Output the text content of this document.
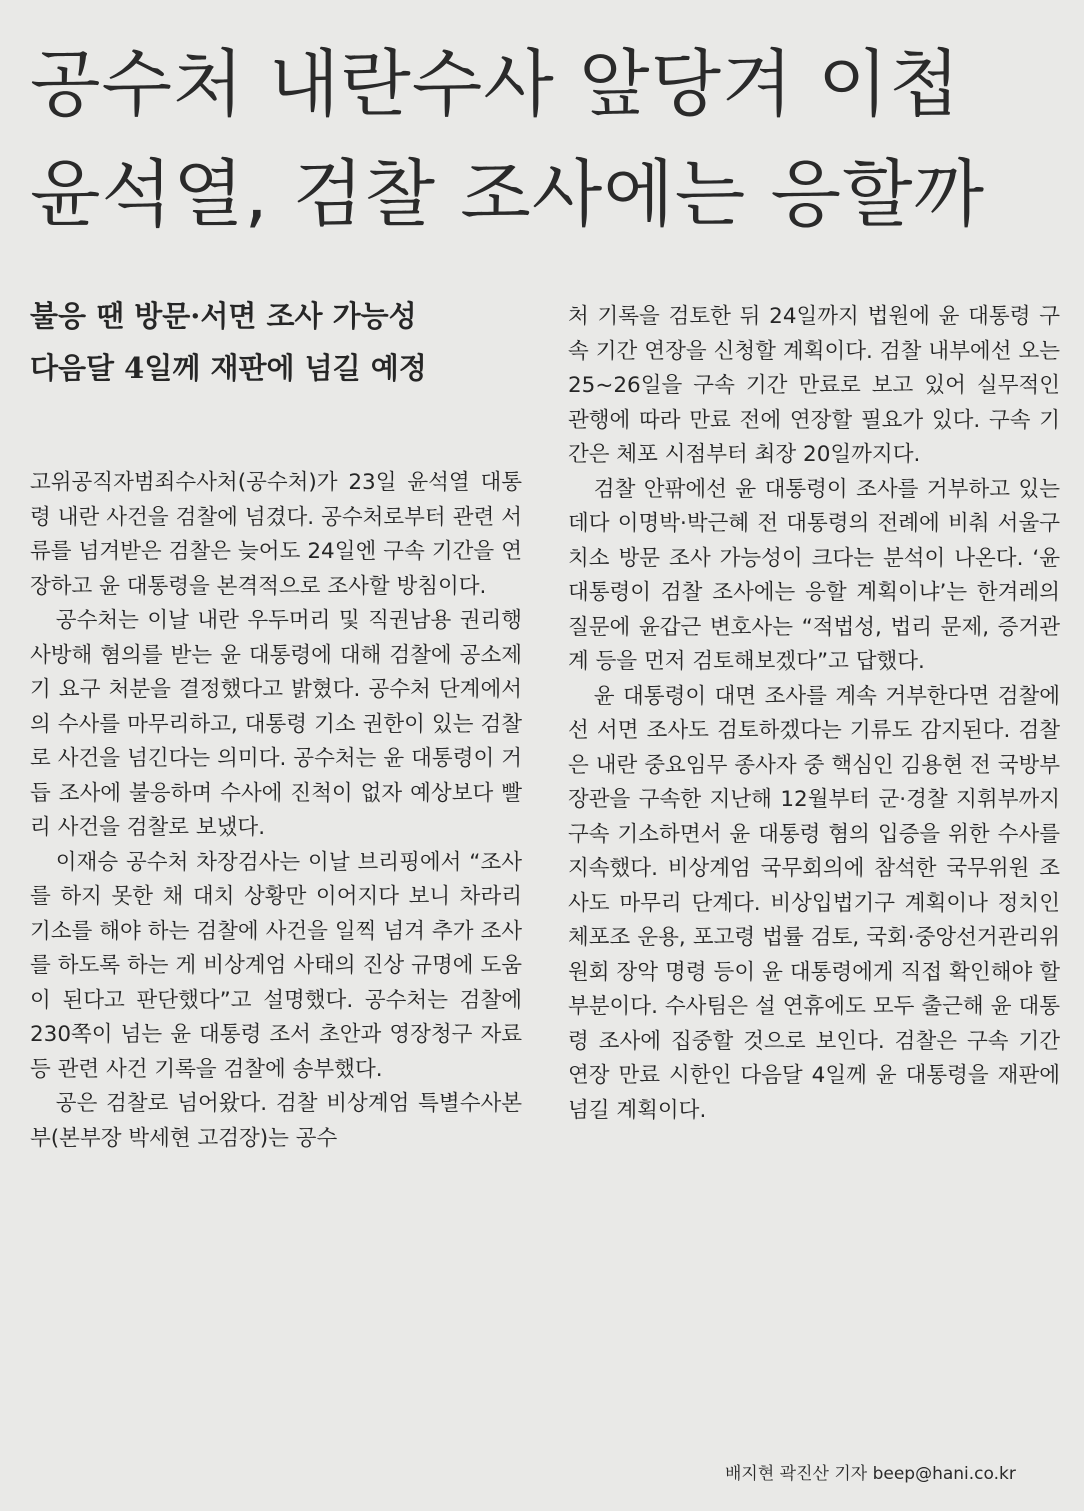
공수처 내란수사 앞당겨 이첩
윤석열, 검찰 조사에는 응할까
불응 땐 방문·서면 조사 가능성
다음달 4일께 재판에 넘길 예정

고위공직자범죄수사처(공수처)가 23일 윤석열 대통령 내란 사건을 검찰에 넘겼다. 공수처로부터 관련 서류를 넘겨받은 검찰은 늦어도 24일엔 구속 기간을 연장하고 윤 대통령을 본격적으로 조사할 방침이다.

공수처는 이날 내란 우두머리 및 직권남용 권리행사방해 혐의를 받는 윤 대통령에 대해 검찰에 공소제기 요구 처분을 결정했다고 밝혔다. 공수처 단계에서의 수사를 마무리하고, 대통령 기소 권한이 있는 검찰로 사건을 넘긴다는 의미다. 공수처는 윤 대통령이 거듭 조사에 불응하며 수사에 진척이 없자 예상보다 빨리 사건을 검찰로 보냈다.

이재승 공수처 차장검사는 이날 브리핑에서 “조사를 하지 못한 채 대치 상황만 이어지다 보니 차라리 기소를 해야 하는 검찰에 사건을 일찍 넘겨 추가 조사를 하도록 하는 게 비상계엄 사태의 진상 규명에 도움이 된다고 판단했다”고 설명했다. 공수처는 검찰에 230쪽이 넘는 윤 대통령 조서 초안과 영장청구 자료 등 관련 사건 기록을 검찰에 송부했다.

공은 검찰로 넘어왔다. 검찰 비상계엄 특별수사본부(본부장 박세현 고검장)는 공수

처 기록을 검토한 뒤 24일까지 법원에 윤 대통령 구속 기간 연장을 신청할 계획이다. 검찰 내부에선 오는 25~26일을 구속 기간 만료로 보고 있어 실무적인 관행에 따라 만료 전에 연장할 필요가 있다. 구속 기간은 체포 시점부터 최장 20일까지다.

검찰 안팎에선 윤 대통령이 조사를 거부하고 있는데다 이명박·박근혜 전 대통령의 전례에 비춰 서울구치소 방문 조사 가능성이 크다는 분석이 나온다. ‘윤 대통령이 검찰 조사에는 응할 계획이냐’는 한겨레의 질문에 윤갑근 변호사는 “적법성, 법리 문제, 증거관계 등을 먼저 검토해보겠다”고 답했다.

윤 대통령이 대면 조사를 계속 거부한다면 검찰에선 서면 조사도 검토하겠다는 기류도 감지된다. 검찰은 내란 중요임무 종사자 중 핵심인 김용현 전 국방부 장관을 구속한 지난해 12월부터 군·경찰 지휘부까지 구속 기소하면서 윤 대통령 혐의 입증을 위한 수사를 지속했다. 비상계엄 국무회의에 참석한 국무위원 조사도 마무리 단계다. 비상입법기구 계획이나 정치인 체포조 운용, 포고령 법률 검토, 국회·중앙선거관리위원회 장악 명령 등이 윤 대통령에게 직접 확인해야 할 부분이다. 수사팀은 설 연휴에도 모두 출근해 윤 대통령 조사에 집중할 것으로 보인다. 검찰은 구속 기간 연장 만료 시한인 다음달 4일께 윤 대통령을 재판에 넘길 계획이다.

배지현 곽진산 기자 beep@hani.co.kr
